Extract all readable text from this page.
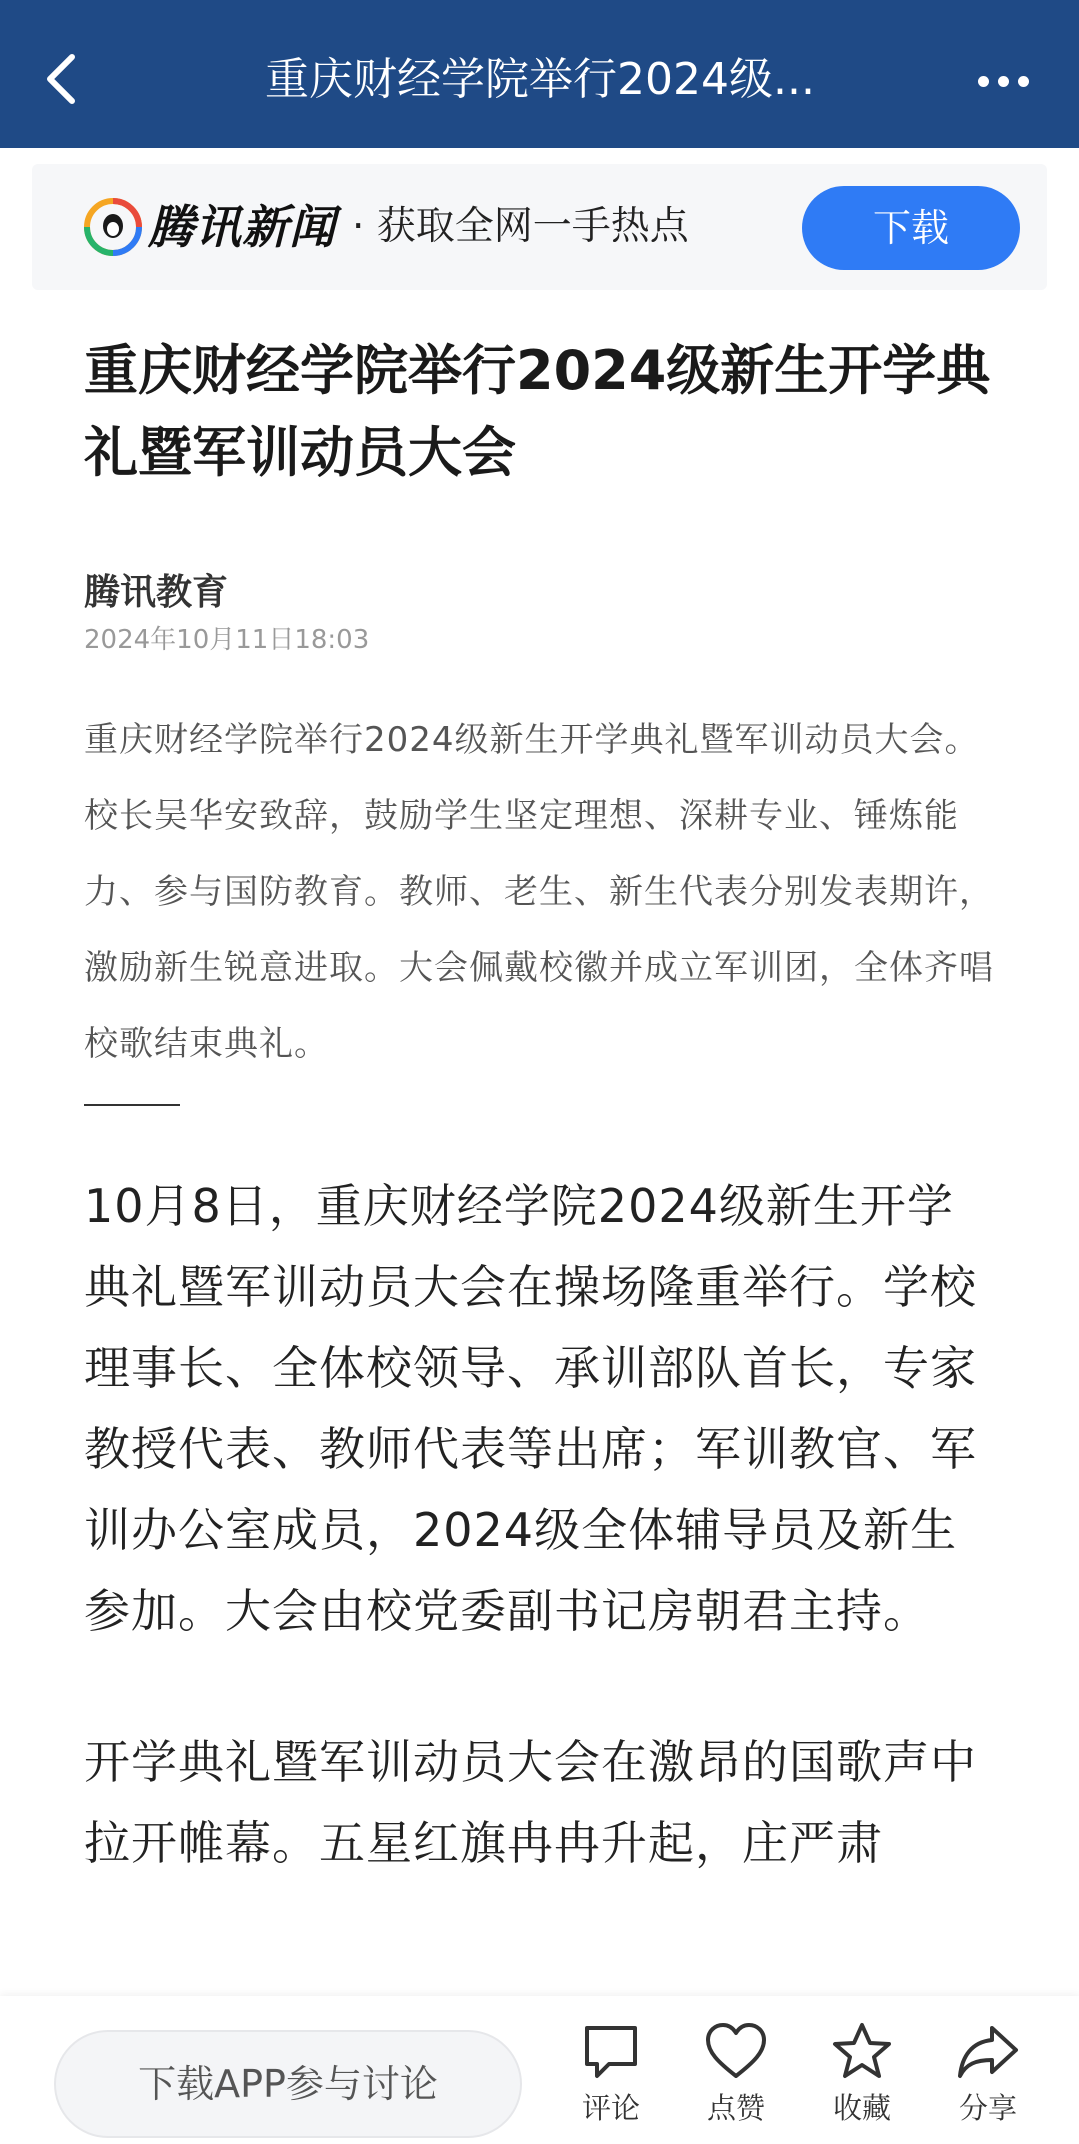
重庆财经学院举行2024级...
腾讯新闻 · 获取全网一手热点	下载
重庆财经学院举行2024级新生开学典礼暨军训动员大会
腾讯教育
2024年10月11日18:03

重庆财经学院举行2024级新生开学典礼暨军训动员大会。校长吴华安致辞，鼓励学生坚定理想、深耕专业、锤炼能力、参与国防教育。教师、老生、新生代表分别发表期许，激励新生锐意进取。大会佩戴校徽并成立军训团，全体齐唱校歌结束典礼。

10月8日，重庆财经学院2024级新生开学典礼暨军训动员大会在操场隆重举行。学校理事长、全体校领导、承训部队首长，专家教授代表、教师代表等出席；军训教官、军训办公室成员，2024级全体辅导员及新生参加。大会由校党委副书记房朝君主持。

开学典礼暨军训动员大会在激昂的国歌声中拉开帷幕。五星红旗冉冉升起，庄严肃

下载APP参与讨论
评论 点赞 收藏 分享
